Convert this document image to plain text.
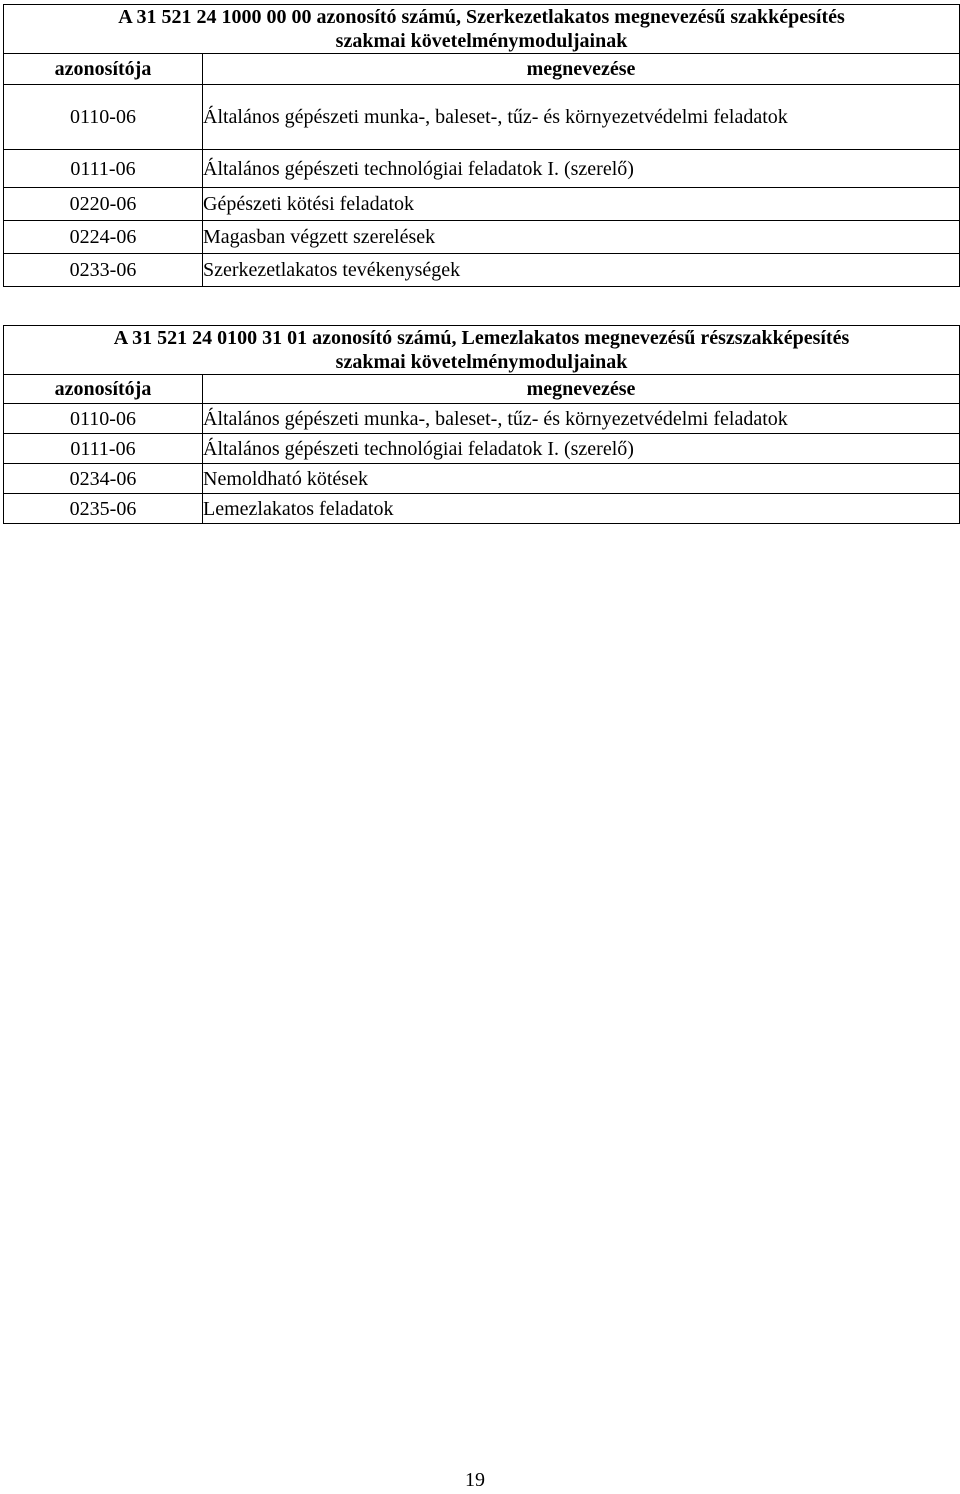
A 31 521 24 1000 00 00 azonosító számú, Szerkezetlakatos megnevezésű szakképesítés
szakmai követelménymoduljainak	

azonosítója	megnevezése
0110-06	Általános gépészeti munka-, baleset-, tűz- és környezetvédelmi feladatok
0111-06	Általános gépészeti technológiai feladatok I. (szerelő)
0220-06	Gépészeti kötési feladatok
0224-06	Magasban végzett szerelések
0233-06	Szerkezetlakatos tevékenységek
A 31 521 24 0100 31 01 azonosító számú, Lemezlakatos megnevezésű részszakképesítés
szakmai követelménymoduljainak	

azonosítója	megnevezése
0110-06	Általános gépészeti munka-, baleset-, tűz- és környezetvédelmi feladatok
0111-06	Általános gépészeti technológiai feladatok I. (szerelő)
0234-06	Nemoldható kötések
0235-06	Lemezlakatos feladatok
19
